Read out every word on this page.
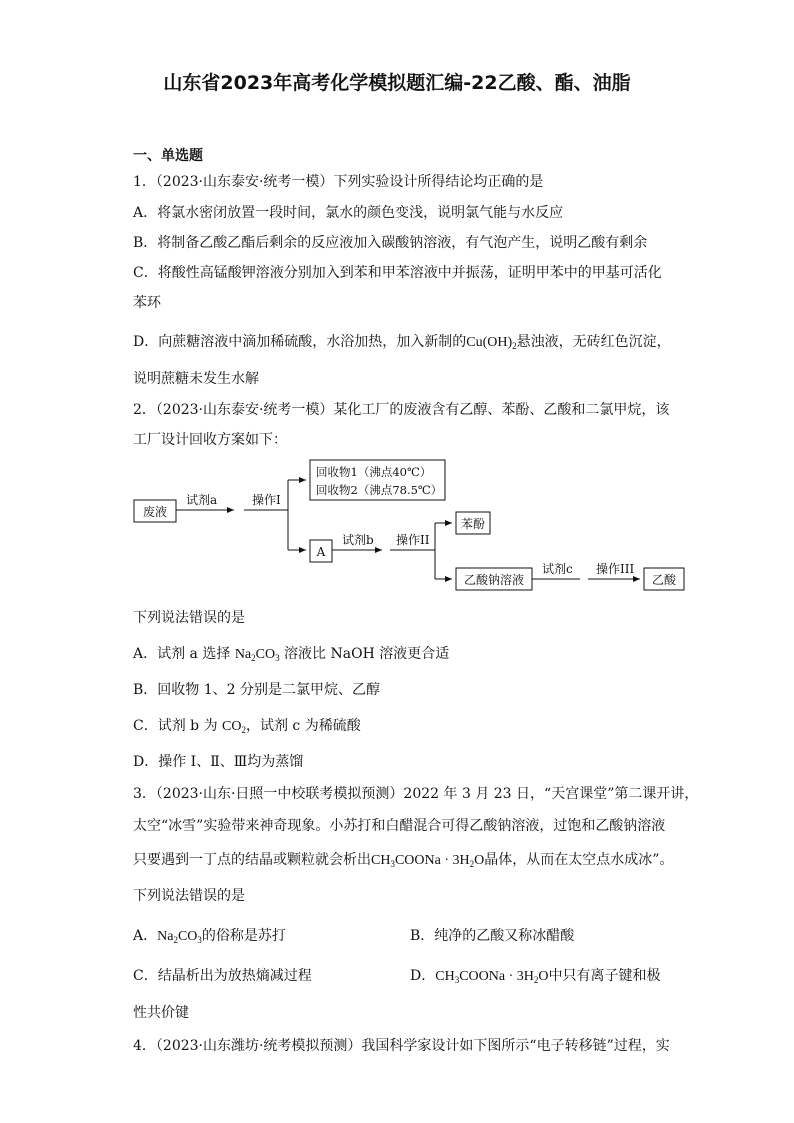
山东省2023年高考化学模拟题汇编-22乙酸、酯、油脂
一、单选题
1．（2023·山东泰安·统考一模）下列实验设计所得结论均正确的是
A．将氯水密闭放置一段时间，氯水的颜色变浅，说明氯气能与水反应
B．将制备乙酸乙酯后剩余的反应液加入碳酸钠溶液，有气泡产生，说明乙酸有剩余
C．将酸性高锰酸钾溶液分别加入到苯和甲苯溶液中并振荡，证明甲苯中的甲基可活化
苯环
D．向蔗糖溶液中滴加稀硫酸，水浴加热，加入新制的$Cu(OH)_2$悬浊液，无砖红色沉淀，
说明蔗糖未发生水解
2．（2023·山东泰安·统考一模）某化工厂的废液含有乙醇、苯酚、乙酸和二氯甲烷，该
工厂设计回收方案如下：
废液
试剂a	操作I
回收物1（沸点40℃）
回收物2（沸点78.5℃）
A
试剂b 操作II
苯酚
乙酸钠溶液
试剂c 操作III
乙酸
下列说法错误的是
A．试剂 a 选择 $Na_2CO_3$ 溶液比 NaOH 溶液更合适
B．回收物 1、2 分别是二氯甲烷、乙醇
C．试剂 b 为 $CO_2$，试剂 c 为稀硫酸
D．操作 Ⅰ、Ⅱ、Ⅲ均为蒸馏
3．（2023·山东·日照一中校联考模拟预测）2022 年 3 月 23 日，“天宫课堂”第二课开讲，
太空“冰雪”实验带来神奇现象。小苏打和白醋混合可得乙酸钠溶液，过饱和乙酸钠溶液
只要遇到一丁点的结晶或颗粒就会析出$CH_3COONa \cdot 3H_2O$晶体，从而在太空点水成冰”。
下列说法错误的是
A．$Na_2CO_3$的俗称是苏打	B．纯净的乙酸又称冰醋酸
C．结晶析出为放热熵减过程	D．$CH_3COONa \cdot 3H_2O$中只有离子键和极
性共价键
4．（2023·山东潍坊·统考模拟预测）我国科学家设计如下图所示“电子转移链”过程，实
